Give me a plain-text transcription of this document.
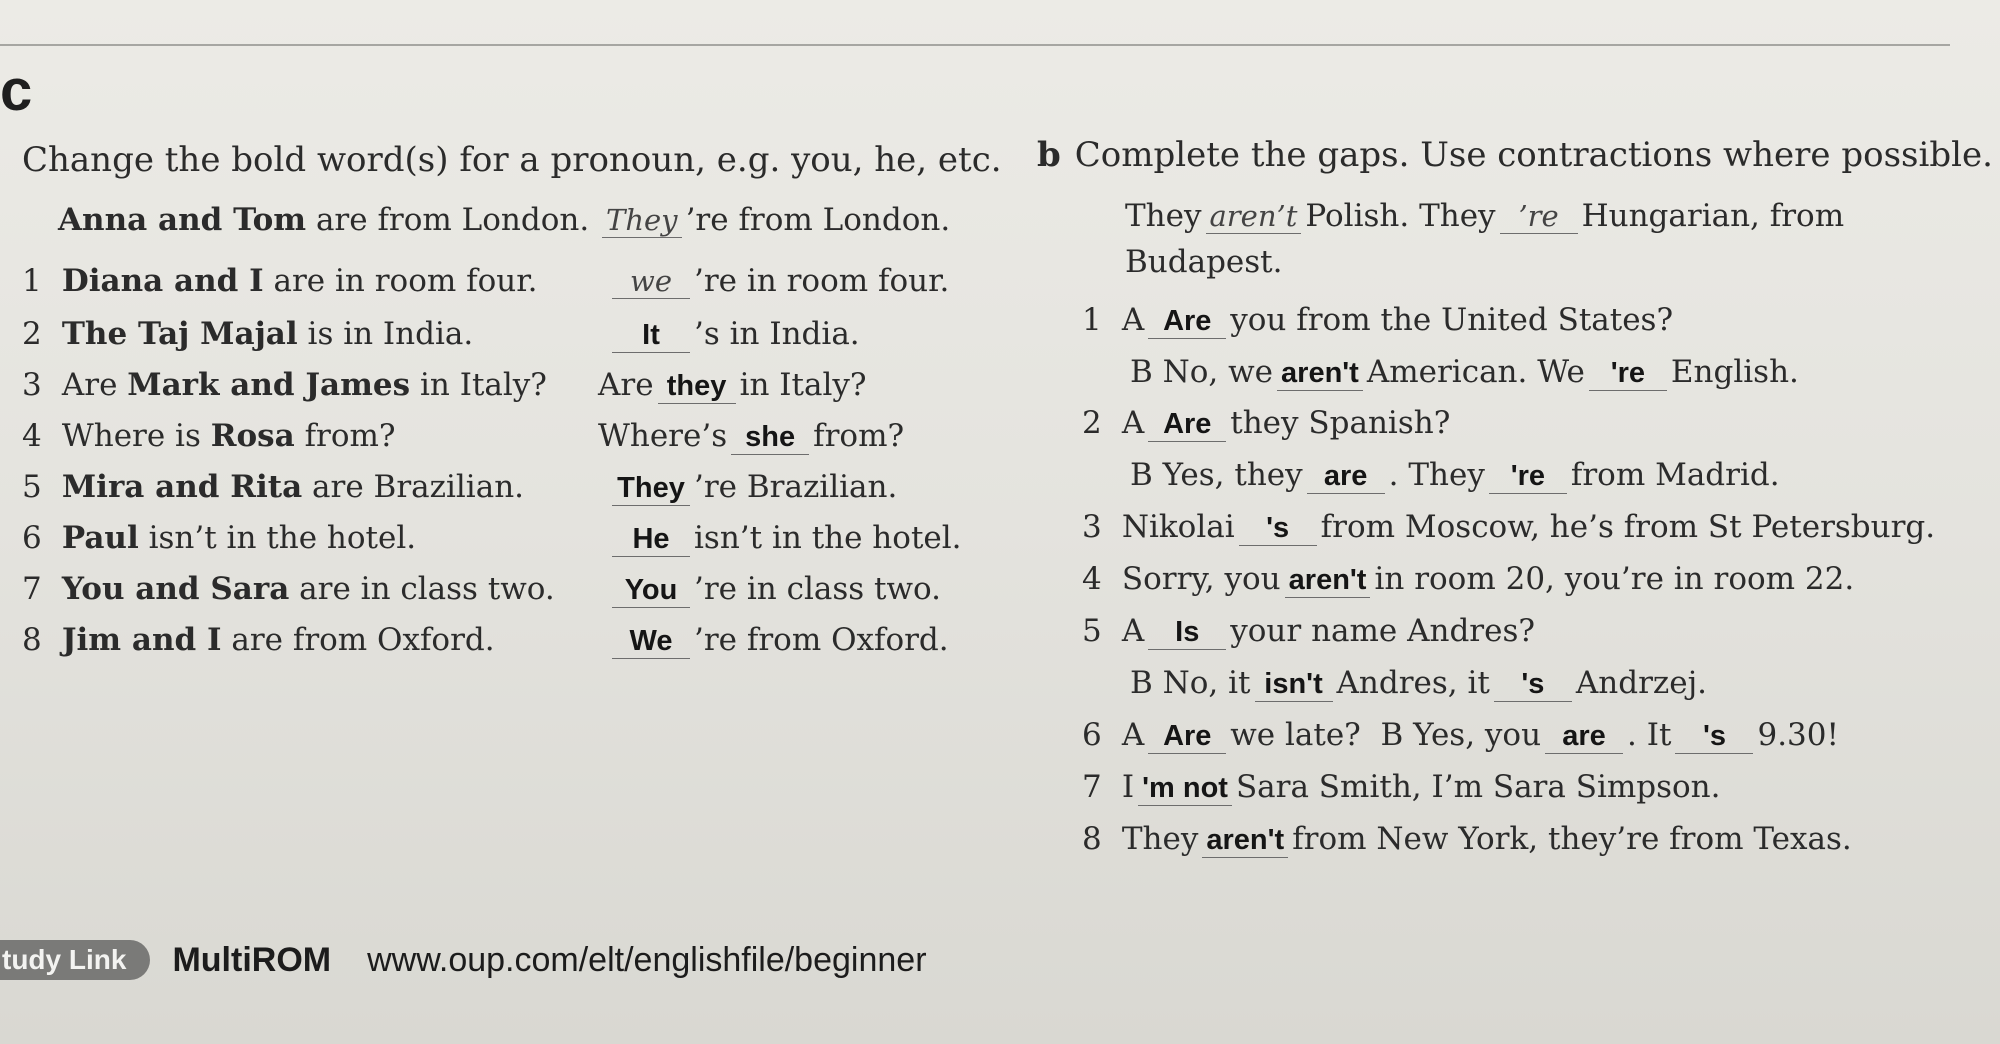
c
Change the bold word(s) for a pronoun, e.g. you, he, etc.
Anna and Tom are from London. They ’re from London.
1 Diana and I are in room four.	we ’re in room four.
2 The Taj Majal is in India.	It ’s in India.
3 Are Mark and James in Italy? Are they in Italy?
4 Where is Rosa from?	Where’s she from?
5 Mira and Rita are Brazilian.	They ’re Brazilian.
6 Paul isn’t in the hotel.	He isn’t in the hotel.
7 You and Sara are in class two.	You ’re in class two.
8 Jim and I are from Oxford.	We ’re from Oxford.
b Complete the gaps. Use contractions where possible.
They aren’t Polish. They ’re Hungarian, from
Budapest.
1 A Are you from the United States?
B No, we aren't American. We 're English.
2 A Are they Spanish?
B Yes, they are . They 're from Madrid.
3 Nikolai 's from Moscow, he’s from St Petersburg.
4 Sorry, you aren't in room 20, you’re in room 22.
5 A Is your name Andres?
B No, it isn't Andres, it 's Andrzej.
6 A Are we late? B Yes, you are . It 's 9.30!
7 I 'm not Sara Smith, I’m Sara Simpson.
8 They aren't from New York, they’re from Texas.
tudy Link	MultiROM www.oup.com/elt/englishfile/beginner
